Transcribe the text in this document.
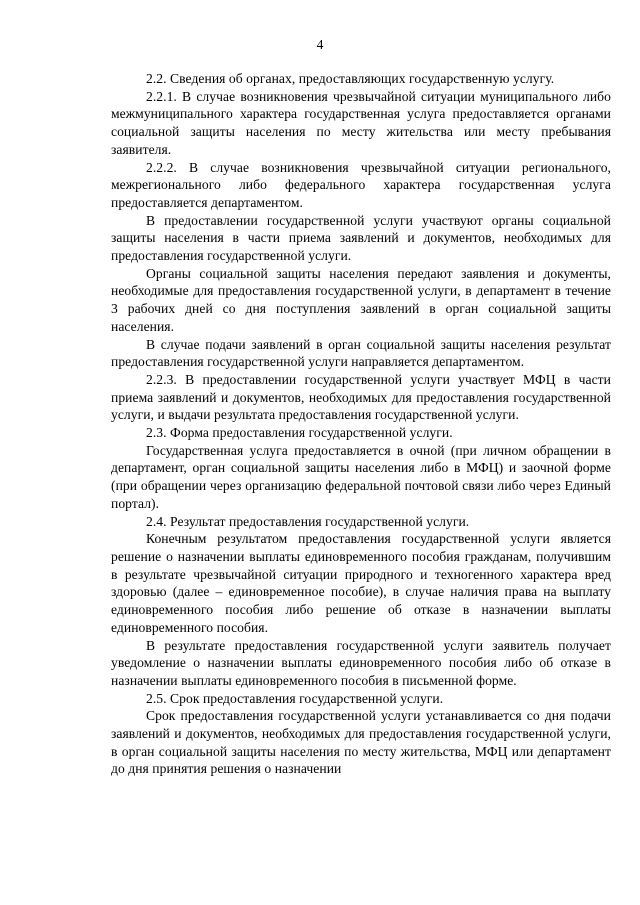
4

2.2. Сведения об органах, предоставляющих государственную услугу.

2.2.1. В случае возникновения чрезвычайной ситуации муниципального либо межмуниципального характера государственная услуга предоставляется органами социальной защиты населения по месту жительства или месту пребывания заявителя.

2.2.2. В случае возникновения чрезвычайной ситуации регионального, межрегионального либо федерального характера государственная услуга предоставляется департаментом.

В предоставлении государственной услуги участвуют органы социальной защиты населения в части приема заявлений и документов, необходимых для предоставления государственной услуги.

Органы социальной защиты населения передают заявления и документы, необходимые для предоставления государственной услуги, в департамент в течение 3 рабочих дней со дня поступления заявлений в орган социальной защиты населения.

В случае подачи заявлений в орган социальной защиты населения результат предоставления государственной услуги направляется департаментом.

2.2.3. В предоставлении государственной услуги участвует МФЦ в части приема заявлений и документов, необходимых для предоставления государственной услуги, и выдачи результата предоставления государственной услуги.

2.3. Форма предоставления государственной услуги.

Государственная услуга предоставляется в очной (при личном обращении в департамент, орган социальной защиты населения либо в МФЦ) и заочной форме (при обращении через организацию федеральной почтовой связи либо через Единый портал).

2.4. Результат предоставления государственной услуги.

Конечным результатом предоставления государственной услуги является решение о назначении выплаты единовременного пособия гражданам, получившим в результате чрезвычайной ситуации природного и техногенного характера вред здоровью (далее – единовременное пособие), в случае наличия права на выплату единовременного пособия либо решение об отказе в назначении выплаты единовременного пособия.

В результате предоставления государственной услуги заявитель получает уведомление о назначении выплаты единовременного пособия либо об отказе в назначении выплаты единовременного пособия в письменной форме.

2.5. Срок предоставления государственной услуги.

Срок предоставления государственной услуги устанавливается со дня подачи заявлений и документов, необходимых для предоставления государственной услуги, в орган социальной защиты населения по месту жительства, МФЦ или департамент до дня принятия решения о назначении
